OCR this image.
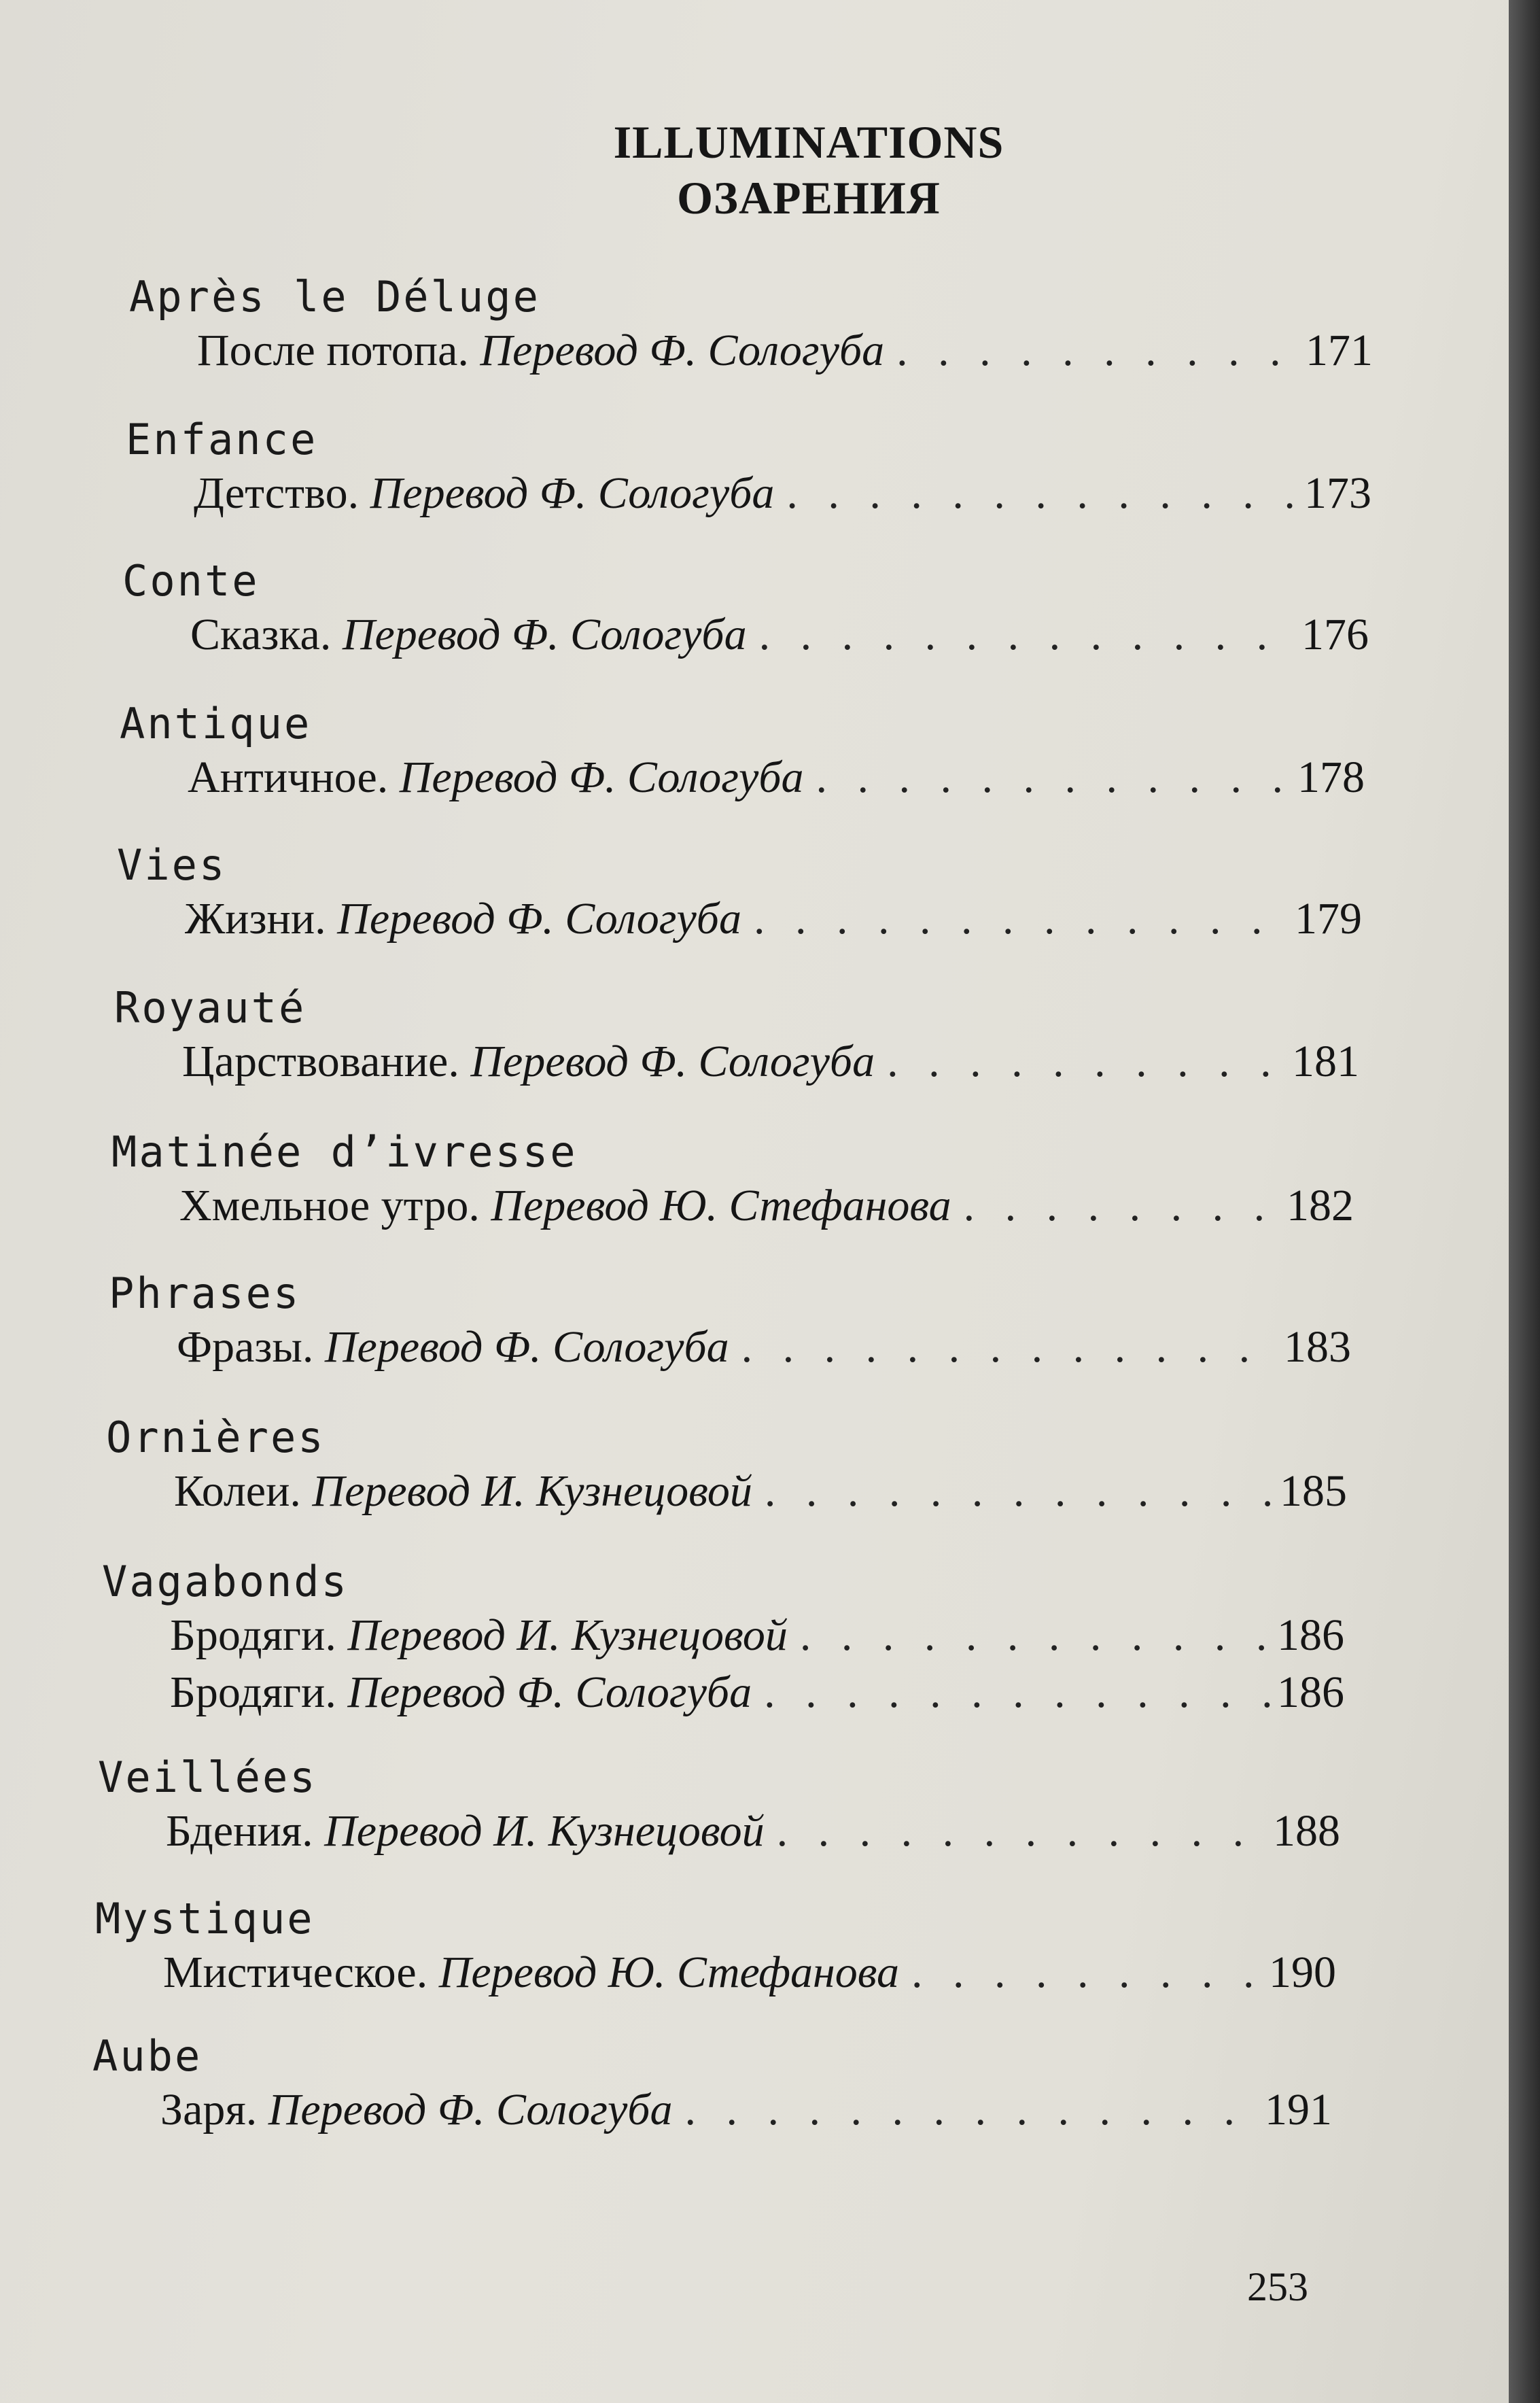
ILLUMINATIONS
ОЗАРЕНИЯ
Après le Déluge
После потопа.
Перевод Ф. Сологуба . . .	171
Enfance
Детство.
Перевод Ф. Сологуба . . .	173
Conte
Сказка.
Перевод Ф. Сологуба . . .	176
Antique
Античное.
Перевод Ф. Сологуба . . .	178
Vies
Жизни.
Перевод Ф. Сологуба . . .	179
Royauté
Царствование.
Перевод Ф. Сологуба . . .	181
Matinée d’ivresse
Хмельное утро.
Перевод Ю. Стефанова . . .	182
Phrases
Фразы.
Перевод Ф. Сологуба . . .	183
Ornières
Колеи.
Перевод И. Кузнецовой . . .	185
Vagabonds
Бродяги.
Перевод И. Кузнецовой . . .	186
Бродяги.
Перевод Ф. Сологуба . . .	186
Veillées
Бдения.
Перевод И. Кузнецовой . . .	188
Mystique
Мистическое.
Перевод Ю. Стефанова . . .	190
Aube
Заря.
Перевод Ф. Сологуба . . .	191
253
